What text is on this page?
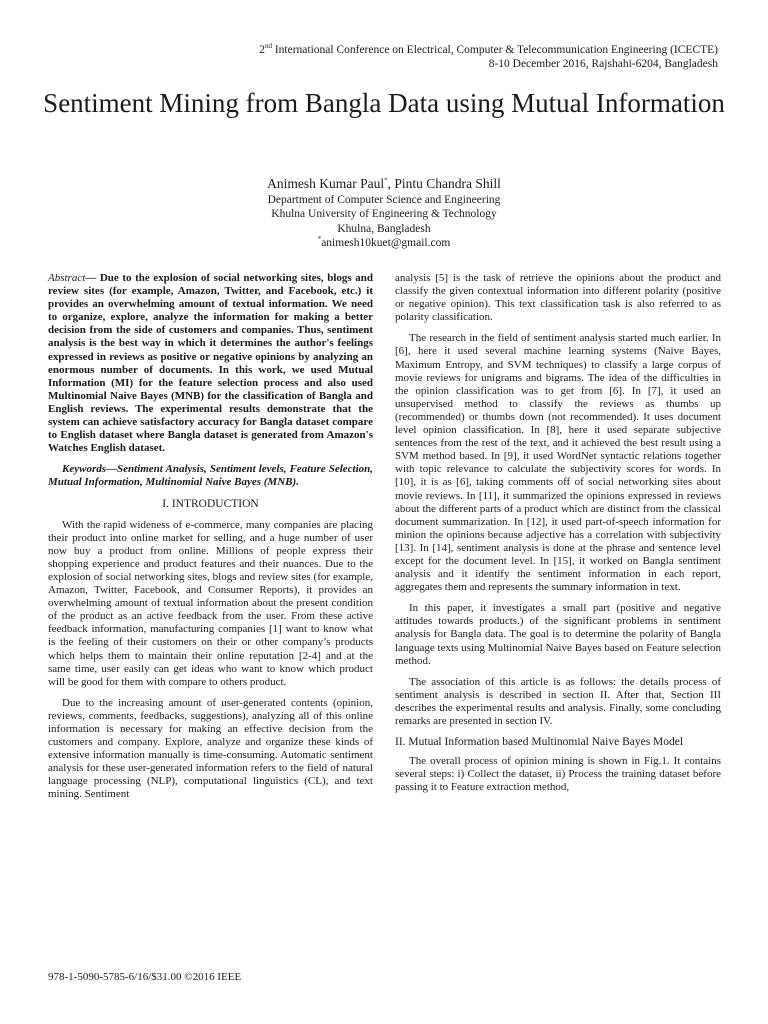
2nd International Conference on Electrical, Computer & Telecommunication Engineering (ICECTE)
8-10 December 2016, Rajshahi-6204, Bangladesh
Sentiment Mining from Bangla Data using Mutual Information
Animesh Kumar Paul*, Pintu Chandra Shill
Department of Computer Science and Engineering
Khulna University of Engineering & Technology
Khulna, Bangladesh
*animesh10kuet@gmail.com

Abstract— Due to the explosion of social networking sites, blogs and review sites (for example, Amazon, Twitter, and Facebook, etc.) it provides an overwhelming amount of textual information. We need to organize, explore, analyze the information for making a better decision from the side of customers and companies. Thus, sentiment analysis is the best way in which it determines the author's feelings expressed in reviews as positive or negative opinions by analyzing an enormous number of documents. In this work, we used Mutual Information (MI) for the feature selection process and also used Multinomial Naive Bayes (MNB) for the classification of Bangla and English reviews. The experimental results demonstrate that the system can achieve satisfactory accuracy for Bangla dataset compare to English dataset where Bangla dataset is generated from Amazon's Watches English dataset.

Keywords—Sentiment Analysis, Sentiment levels, Feature Selection, Mutual Information, Multinomial Naive Bayes (MNB).

I. INTRODUCTION

With the rapid wideness of e-commerce, many companies are placing their product into online market for selling, and a huge number of user now buy a product from online. Millions of people express their shopping experience and product features and their nuances. Due to the explosion of social networking sites, blogs and review sites (for example, Amazon, Twitter, Facebook, and Consumer Reports), it provides an overwhelming amount of textual information about the present condition of the product as an active feedback from the user. From these active feedback information, manufacturing companies [1] want to know what is the feeling of their customers on their or other company’s products which helps them to maintain their online reputation [2-4] and at the same time, user easily can get ideas who want to know which product will be good for them with compare to others product.

Due to the increasing amount of user-generated contents (opinion, reviews, comments, feedbacks, suggestions), analyzing all of this online information is necessary for making an effective decision from the customers and company. Explore, analyze and organize these kinds of extensive information manually is time-consuming. Automatic sentiment analysis for these user-generated information refers to the field of natural language processing (NLP), computational linguistics (CL), and text mining. Sentiment

analysis [5] is the task of retrieve the opinions about the product and classify the given contextual information into different polarity (positive or negative opinion). This text classification task is also referred to as polarity classification.

The research in the field of sentiment analysis started much earlier. In [6], here it used several machine learning systems (Naive Bayes, Maximum Entropy, and SVM techniques) to classify a large corpus of movie reviews for unigrams and bigrams. The idea of the difficulties in the opinion classification was to get from [6]. In [7], it used an unsupervised method to classify the reviews as thumbs up (recommended) or thumbs down (not recommended). It uses document level opinion classification. In [8], here it used separate subjective sentences from the rest of the text, and it achieved the best result using a SVM method based. In [9], it used WordNet syntactic relations together with topic relevance to calculate the subjectivity scores for words. In [10], it is as [6], taking comments off of social networking sites about movie reviews. In [11], it summarized the opinions expressed in reviews about the different parts of a product which are distinct from the classical document summarization. In [12], it used part-of-speech information for minion the opinions because adjective has a correlation with subjectivity [13]. In [14], sentiment analysis is done at the phrase and sentence level except for the document level. In [15], it worked on Bangla sentiment analysis and it identify the sentiment information in each report, aggregates them and represents the summary information in text.

In this paper, it investigates a small part (positive and negative attitudes towards products.) of the significant problems in sentiment analysis for Bangla data. The goal is to determine the polarity of Bangla language texts using Multinomial Naive Bayes based on Feature selection method.

The association of this article is as follows: the details process of sentiment analysis is described in section II. After that, Section III describes the experimental results and analysis. Finally, some concluding remarks are presented in section IV.

II. Mutual Information based Multinomial Naive Bayes Model

The overall process of opinion mining is shown in Fig.1. It contains several steps: i) Collect the dataset, ii) Process the training dataset before passing it to Feature extraction method,

978-1-5090-5785-6/16/$31.00 ©2016 IEEE
